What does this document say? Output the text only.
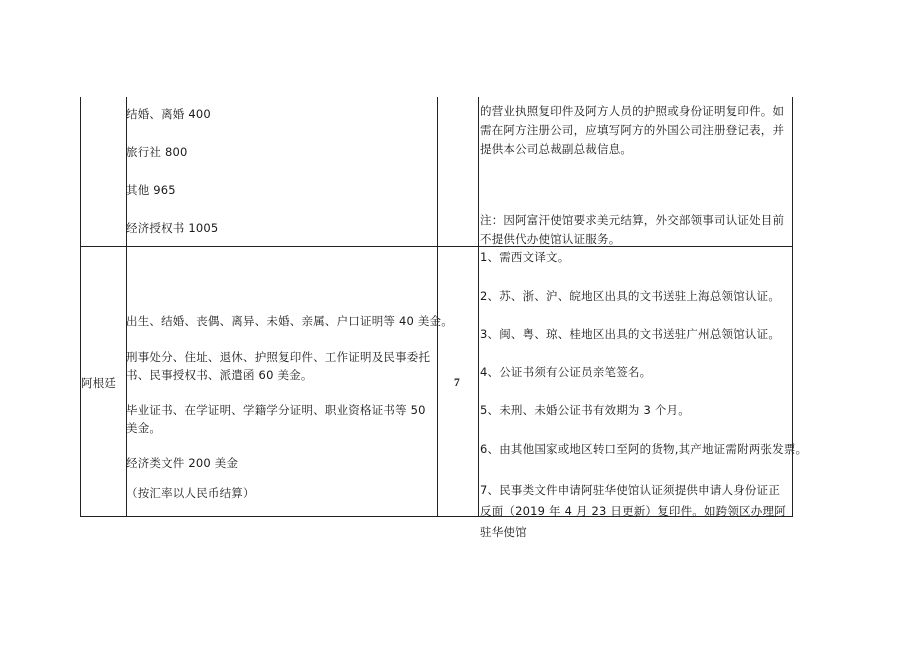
结婚、离婚 400
旅行社 800
其他 965
经济授权书 1005
的营业执照复印件及阿方人员的护照或身份证明复印件。如需在阿方注册公司，应填写阿方的外国公司注册登记表，并提供本公司总裁副总裁信息。
注：因阿富汗使馆要求美元结算，外交部领事司认证处目前不提供代办使馆认证服务。
阿根廷	7
出生、结婚、丧偶、离异、未婚、亲属、户口证明等 40 美金。
刑事处分、住址、退休、护照复印件、工作证明及民事委托书、民事授权书、派遣函 60 美金。
毕业证书、在学证明、学籍学分证明、职业资格证书等 50 美金。
经济类文件 200 美金
（按汇率以人民币结算）
1、需西文译文。
2、苏、浙、沪、皖地区出具的文书送驻上海总领馆认证。
3、闽、粤、琼、桂地区出具的文书送驻广州总领馆认证。
4、公证书须有公证员亲笔签名。
5、未刑、未婚公证书有效期为 3 个月。
6、由其他国家或地区转口至阿的货物,其产地证需附两张发票。
7、民事类文件申请阿驻华使馆认证须提供申请人身份证正反面（2019 年 4 月 23 日更新）复印件。如跨领区办理阿驻华使馆
